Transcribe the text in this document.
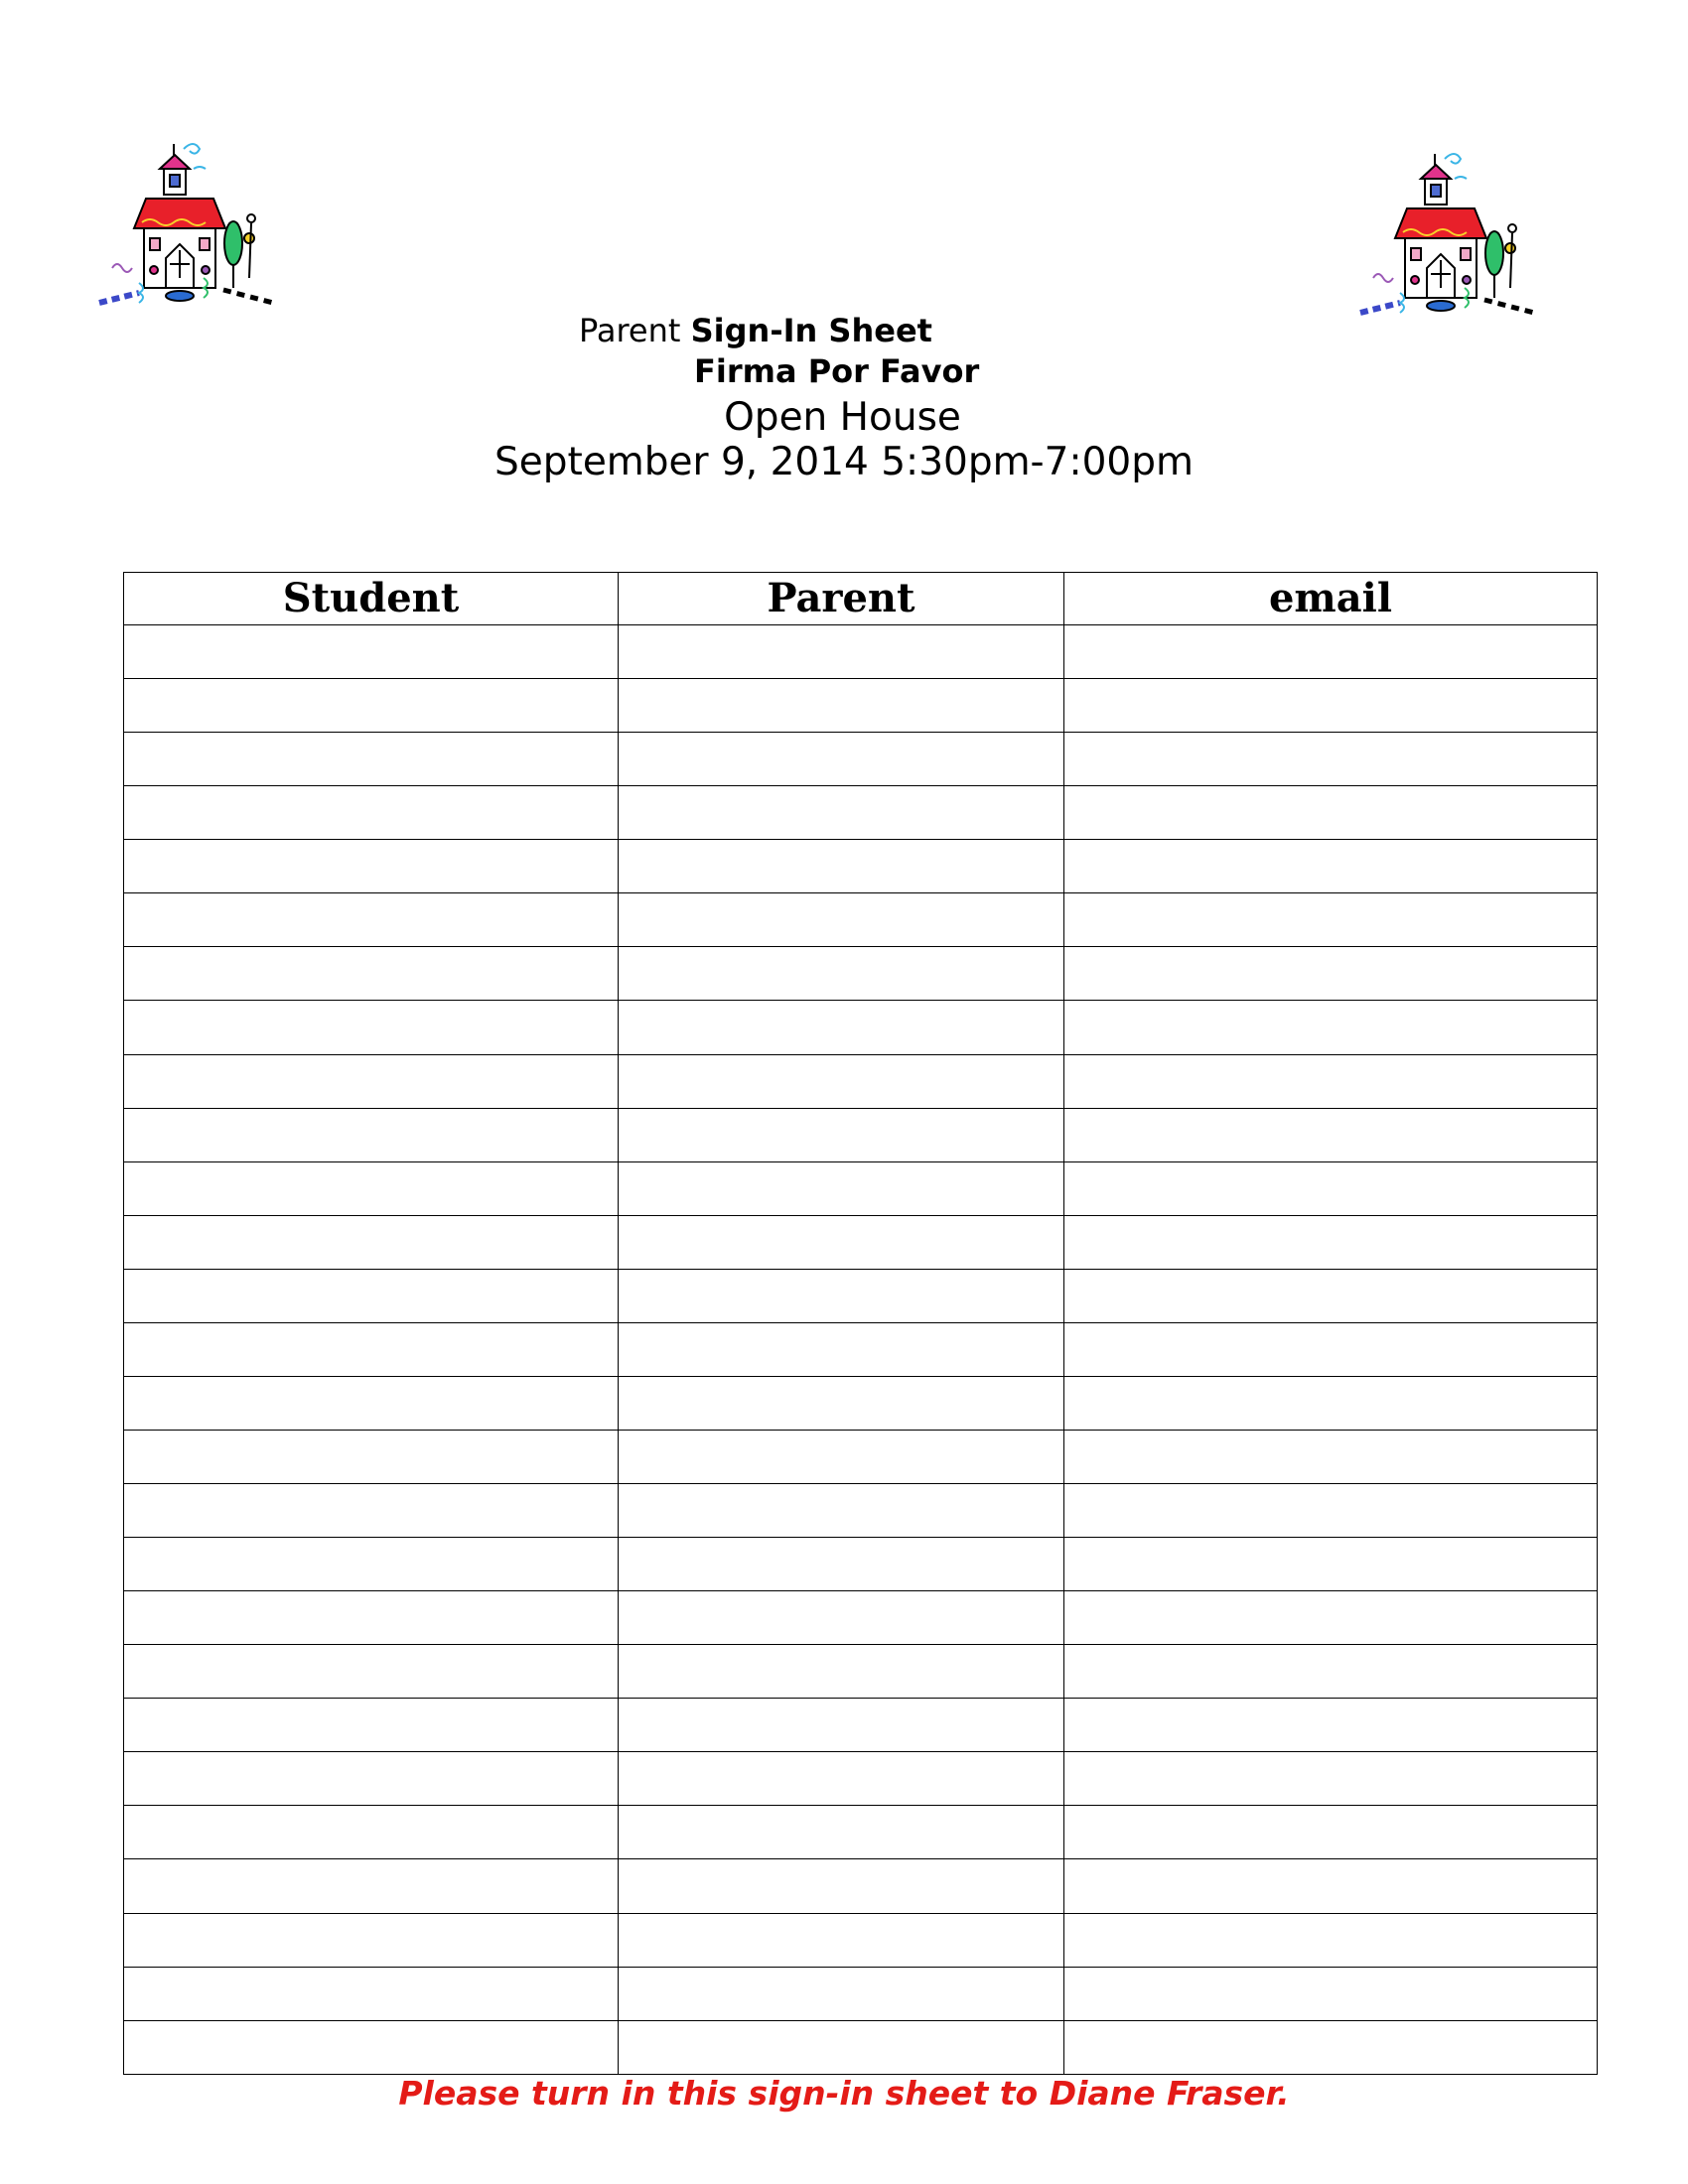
Parent Sign-In Sheet
Firma Por Favor
Open House
September 9, 2014 5:30pm-7:00pm
Student	Parent	email

Please turn in this sign-in sheet to Diane Fraser.
